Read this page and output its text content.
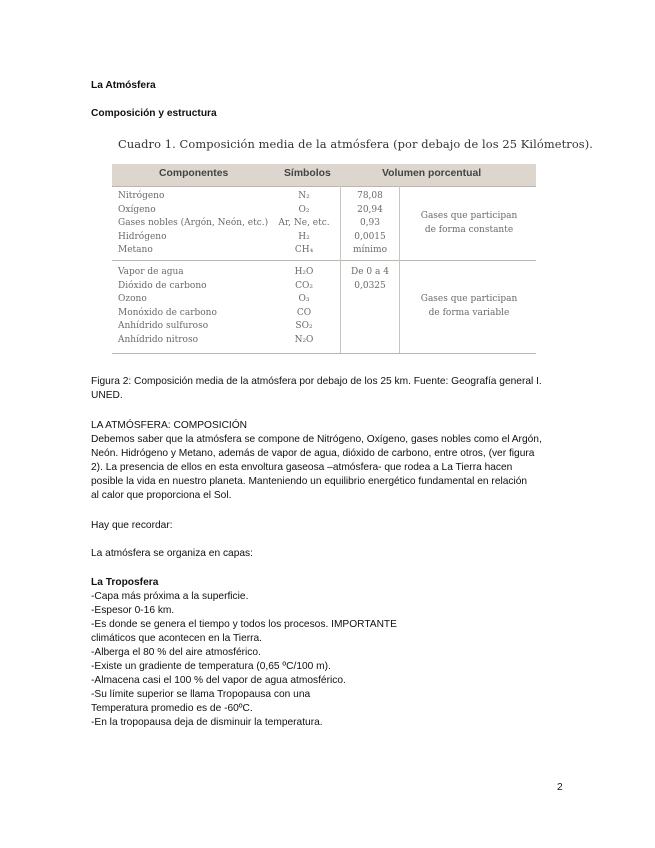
La Atmósfera
Composición y estructura
Cuadro 1. Composición media de la atmósfera (por debajo de los 25 Kilómetros).
Componentes	Símbolos	Volumen porcentual
Nitrógeno
Oxígeno
Gases nobles (Argón, Neón, etc.)
Hidrógeno
Metano
N₂
O₂
Ar, Ne, etc.
H₂
CH₄
78,08
20,94
0,93
0,0015
mínimo
Gases que participan
de forma constante
Vapor de agua
Dióxido de carbono
Ozono
Monóxido de carbono
Anhídrido sulfuroso
Anhídrido nitroso
H₂O
CO₂
O₃
CO
SO₂
N₂O
De 0 a 4
0,0325
Gases que participan
de forma variable
Figura 2: Composición media de la atmósfera por debajo de los 25 km. Fuente: Geografía general I.
UNED.
LA ATMÓSFERA: COMPOSICIÓN
Debemos saber que la atmósfera se compone de Nitrógeno, Oxígeno, gases nobles como el Argón,
Neón. Hidrógeno y Metano, además de vapor de agua, dióxido de carbono, entre otros, (ver figura
2). La presencia de ellos en esta envoltura gaseosa –atmósfera- que rodea a La Tierra hacen
posible la vida en nuestro planeta. Manteniendo un equilibrio energético fundamental en relación
al calor que proporciona el Sol.
Hay que recordar:
La atmósfera se organiza en capas:
La Troposfera
-Capa más próxima a la superficie.
-Espesor 0-16 km.
-Es donde se genera el tiempo y todos los procesos. IMPORTANTE
climáticos que acontecen en la Tierra.
-Alberga el 80 % del aire atmosférico.
-Existe un gradiente de temperatura (0,65 ºC/100 m).
-Almacena casi el 100 % del vapor de agua atmosférico.
-Su límite superior se llama Tropopausa con una
Temperatura promedio es de -60ºC.
-En la tropopausa deja de disminuir la temperatura.
2
